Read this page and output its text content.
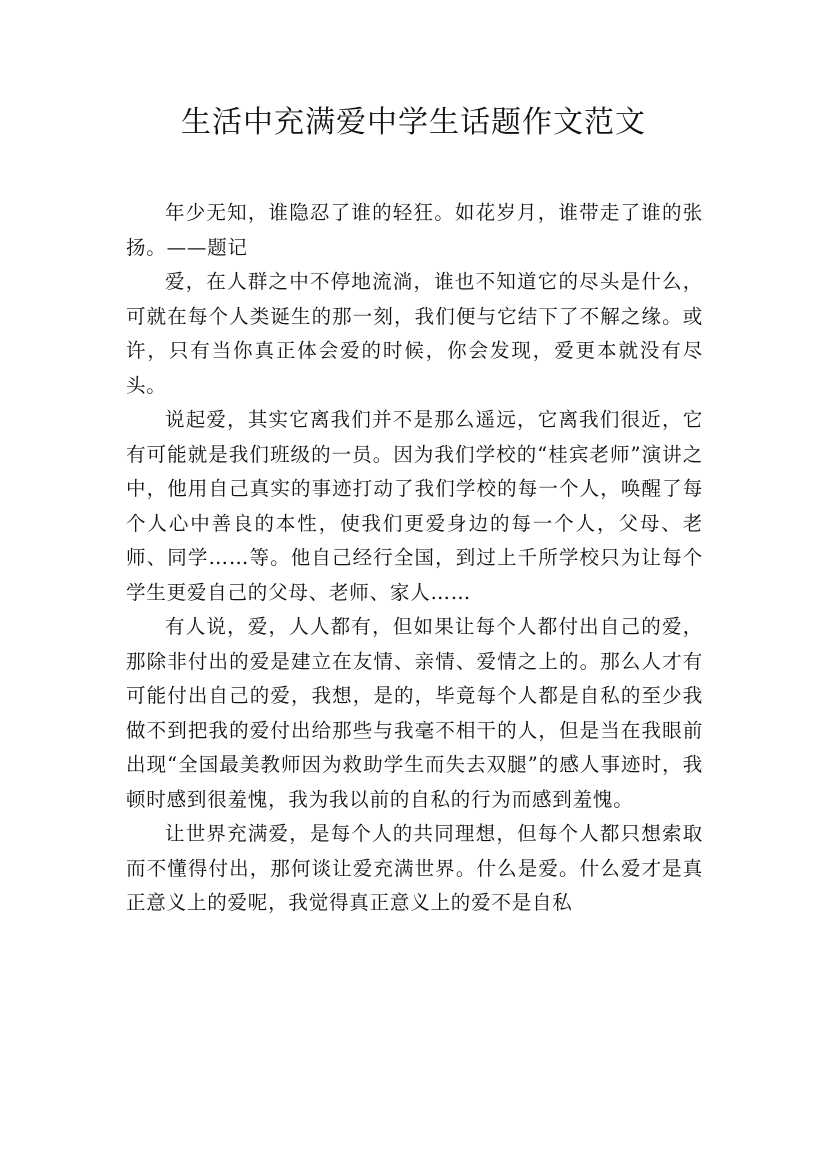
生活中充满爱中学生话题作文范文

年少无知，谁隐忍了谁的轻狂。如花岁月，谁带走了谁的张扬。——题记

爱，在人群之中不停地流淌，谁也不知道它的尽头是什么，可就在每个人类诞生的那一刻，我们便与它结下了不解之缘。或许，只有当你真正体会爱的时候，你会发现，爱更本就没有尽头。

说起爱，其实它离我们并不是那么遥远，它离我们很近，它有可能就是我们班级的一员。因为我们学校的“桂宾老师”演讲之中，他用自己真实的事迹打动了我们学校的每一个人，唤醒了每个人心中善良的本性，使我们更爱身边的每一个人，父母、老师、同学……等。他自己经行全国，到过上千所学校只为让每个学生更爱自己的父母、老师、家人……

有人说，爱，人人都有，但如果让每个人都付出自己的爱，那除非付出的爱是建立在友情、亲情、爱情之上的。那么人才有可能付出自己的爱，我想，是的，毕竟每个人都是自私的至少我做不到把我的爱付出给那些与我毫不相干的人，但是当在我眼前出现“全国最美教师因为救助学生而失去双腿”的感人事迹时，我顿时感到很羞愧，我为我以前的自私的行为而感到羞愧。

让世界充满爱，是每个人的共同理想，但每个人都只想索取而不懂得付出，那何谈让爱充满世界。什么是爱。什么爱才是真正意义上的爱呢，我觉得真正意义上的爱不是自私
